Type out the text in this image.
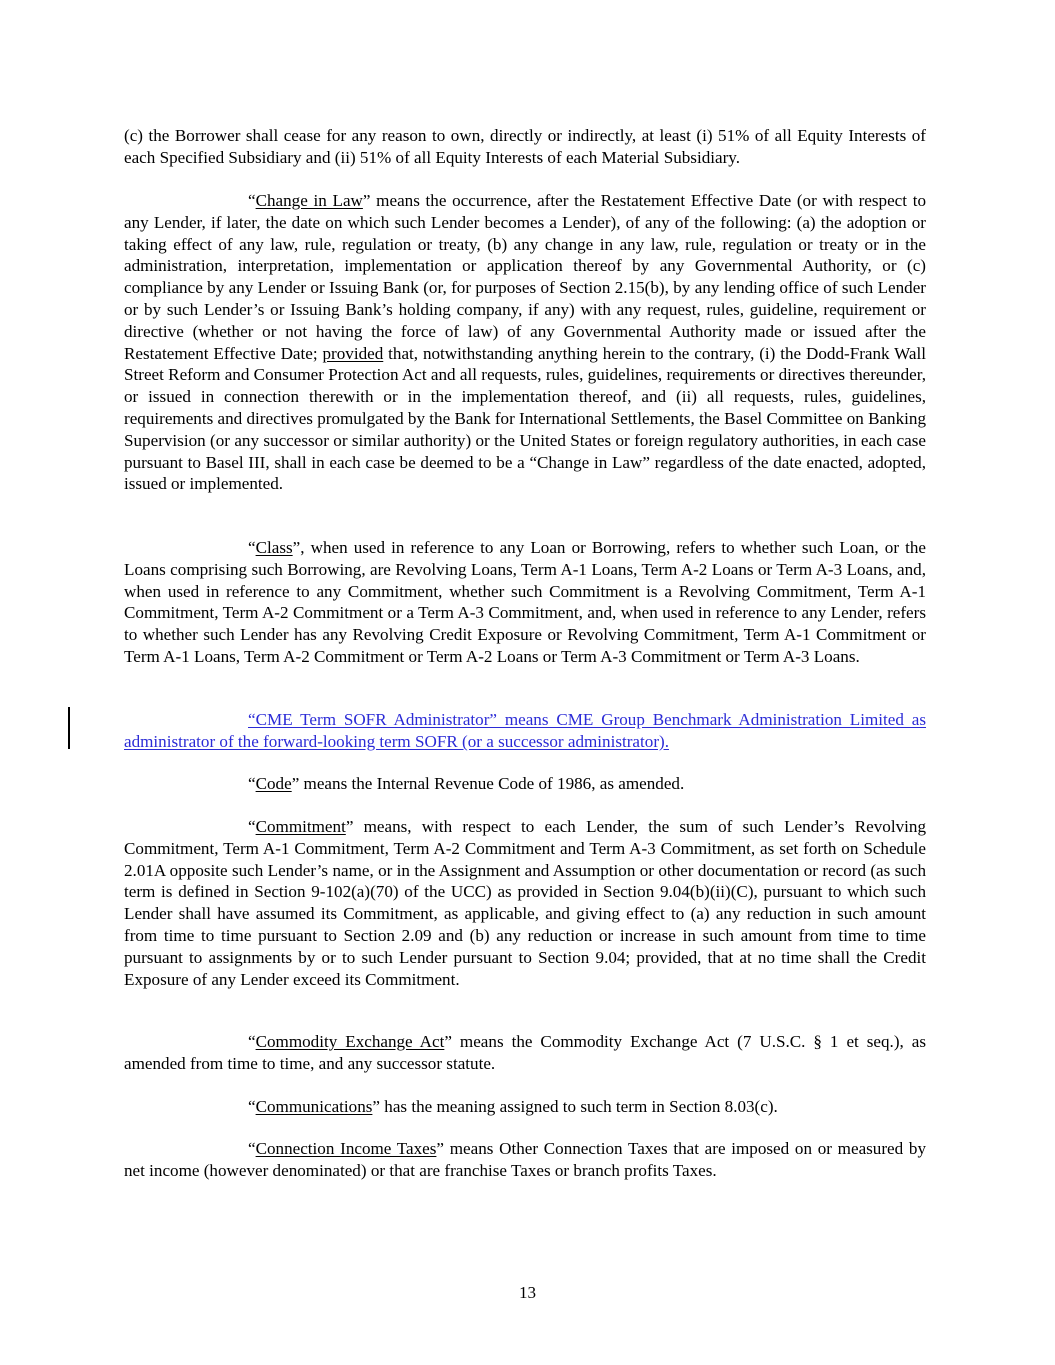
(c) the Borrower shall cease for any reason to own, directly or indirectly, at least (i) 51% of all Equity Interests of each Specified Subsidiary and (ii) 51% of all Equity Interests of each Material Subsidiary.

“Change in Law” means the occurrence, after the Restatement Effective Date (or with respect to any Lender, if later, the date on which such Lender becomes a Lender), of any of the following: (a) the adoption or taking effect of any law, rule, regulation or treaty, (b) any change in any law, rule, regulation or treaty or in the administration, interpretation, implementation or application thereof by any Governmental Authority, or (c) compliance by any Lender or Issuing Bank (or, for purposes of Section 2.15(b), by any lending office of such Lender or by such Lender’s or Issuing Bank’s holding company, if any) with any request, rules, guideline, requirement or directive (whether or not having the force of law) of any Governmental Authority made or issued after the Restatement Effective Date; provided that, notwithstanding anything herein to the contrary, (i) the Dodd-Frank Wall Street Reform and Consumer Protection Act and all requests, rules, guidelines, requirements or directives thereunder, or issued in connection therewith or in the implementation thereof, and (ii) all requests, rules, guidelines, requirements and directives promulgated by the Bank for International Settlements, the Basel Committee on Banking Supervision (or any successor or similar authority) or the United States or foreign regulatory authorities, in each case pursuant to Basel III, shall in each case be deemed to be a “Change in Law” regardless of the date enacted, adopted, issued or implemented.

“Class”, when used in reference to any Loan or Borrowing, refers to whether such Loan, or the Loans comprising such Borrowing, are Revolving Loans, Term A-1 Loans, Term A-2 Loans or Term A-3 Loans, and, when used in reference to any Commitment, whether such Commitment is a Revolving Commitment, Term A-1 Commitment, Term A-2 Commitment or a Term A-3 Commitment, and, when used in reference to any Lender, refers to whether such Lender has any Revolving Credit Exposure or Revolving Commitment, Term A-1 Commitment or Term A-1 Loans, Term A-2 Commitment or Term A-2 Loans or Term A-3 Commitment or Term A-3 Loans.

“CME Term SOFR Administrator” means CME Group Benchmark Administration Limited as administrator of the forward-looking term SOFR (or a successor administrator).

“Code” means the Internal Revenue Code of 1986, as amended.

“Commitment” means, with respect to each Lender, the sum of such Lender’s Revolving Commitment, Term A-1 Commitment, Term A-2 Commitment and Term A-3 Commitment, as set forth on Schedule 2.01A opposite such Lender’s name, or in the Assignment and Assumption or other documentation or record (as such term is defined in Section 9-102(a)(70) of the UCC) as provided in Section 9.04(b)(ii)(C), pursuant to which such Lender shall have assumed its Commitment, as applicable, and giving effect to (a) any reduction in such amount from time to time pursuant to Section 2.09 and (b) any reduction or increase in such amount from time to time pursuant to assignments by or to such Lender pursuant to Section 9.04; provided, that at no time shall the Credit Exposure of any Lender exceed its Commitment.

“Commodity Exchange Act” means the Commodity Exchange Act (7 U.S.C. § 1 et seq.), as amended from time to time, and any successor statute.

“Communications” has the meaning assigned to such term in Section 8.03(c).

“Connection Income Taxes” means Other Connection Taxes that are imposed on or measured by net income (however denominated) or that are franchise Taxes or branch profits Taxes.

13
